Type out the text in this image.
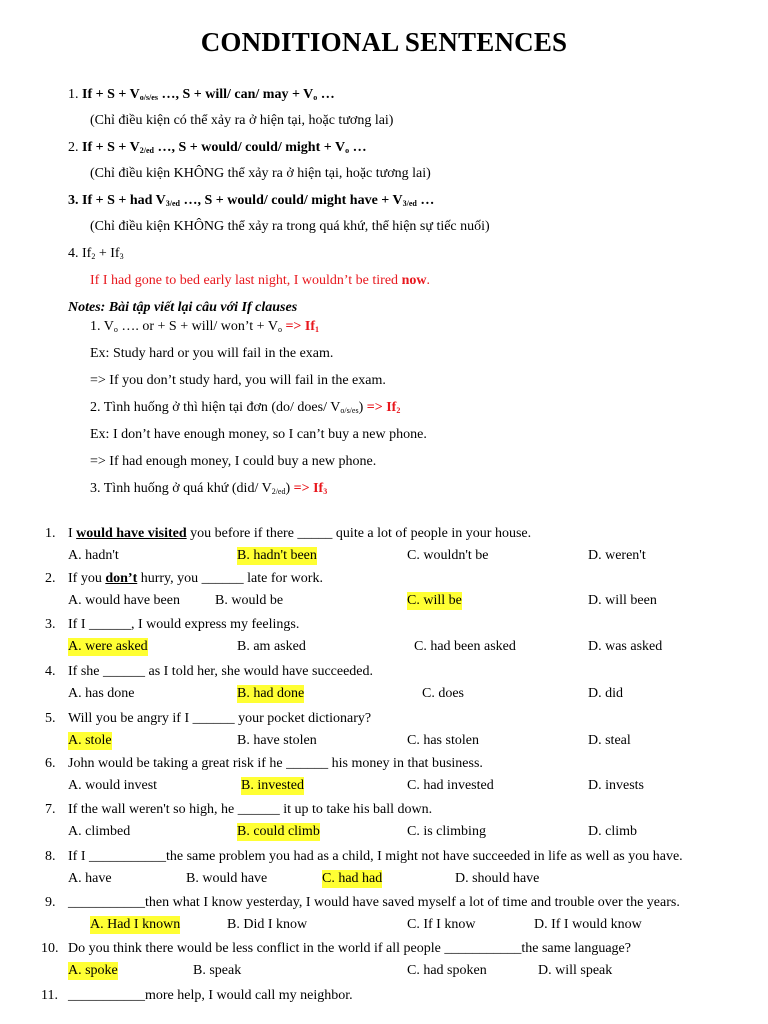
CONDITIONAL SENTENCES
1. $If + S + V_{o/s/es}$ …, S + will/ can/ may + $V_o$ …
(Chỉ điều kiện có thể xảy ra ở hiện tại, hoặc tương lai)
2. $If + S + V_{2/ed}$ …, S + would/ could/ might + $V_o$ …
(Chỉ điều kiện KHÔNG thể xảy ra ở hiện tại, hoặc tương lai)
3. If + S + had $V_{3/ed}$ …, S + would/ could/ might have + $V_{3/ed}$ …
(Chỉ điều kiện KHÔNG thể xảy ra trong quá khứ, thể hiện sự tiếc nuối)
4. $If_2 + If_3$
If I had gone to bed early last night, I wouldn’t be tired now.
Notes: Bài tập viết lại câu với If clauses
1. $V_o$ …. or + S + will/ won’t + $V_o => If_1$
Ex: Study hard or you will fail in the exam.
=> If you don’t study hard, you will fail in the exam.
2. Tình huống ở thì hiện tại đơn (do/ does/ $V_{o/s/es}) => If_2$
Ex: I don’t have enough money, so I can’t buy a new phone.
=> If had enough money, I could buy a new phone.
3. Tình huống ở quá khứ (did/ $V_{2/ed}) => If_3$
1. I would have visited you before if there _____ quite a lot of people in your house.
A. hadn't	B. hadn't been	C. wouldn't be	D. weren't
2. If you don’t hurry, you ______ late for work.
A. would have been	B. would be	C. will be	D. will been
3. If I ______, I would express my feelings.
A. were asked	B. am asked	C. had been asked	D. was asked
4. If she ______ as I told her, she would have succeeded.
A. has done	B. had done	C. does	D. did
5. Will you be angry if I ______ your pocket dictionary?
A. stole	B. have stolen	C. has stolen	D. steal
6. John would be taking a great risk if he ______ his money in that business.
A. would invest	B. invested	C. had invested	D. invests
7. If the wall weren't so high, he ______ it up to take his ball down.
A. climbed	B. could climb	C. is climbing	D. climb
8. If I ___________the same problem you had as a child, I might not have succeeded in life as well as you have.
A. have	B. would have	C. had had	D. should have
9. ___________then what I know yesterday, I would have saved myself a lot of time and trouble over the years.
A. Had I known	B. Did I know	C. If I know	D. If I would know
10. Do you think there would be less conflict in the world if all people ___________the same language?
A. spoke	B. speak	C. had spoken	D. will speak
11. ___________more help, I would call my neighbor.
